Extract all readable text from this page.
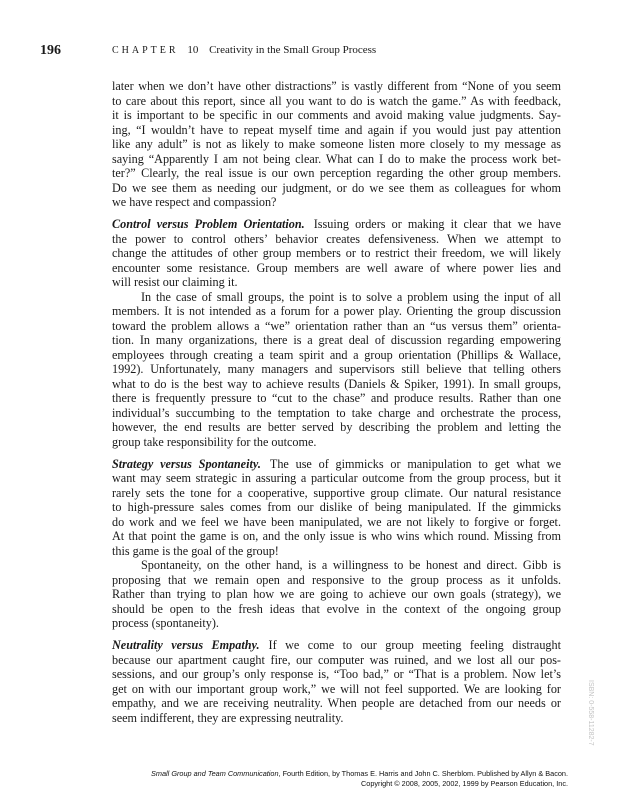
196	CHAPTER 10 Creativity in the Small Group Process
later when we don’t have other distractions” is vastly different from “None of you seem
to care about this report, since all you want to do is watch the game.” As with feedback,
it is important to be specific in our comments and avoid making value judgments. Say-
ing, “I wouldn’t have to repeat myself time and again if you would just pay attention
like any adult” is not as likely to make someone listen more closely to my message as
saying “Apparently I am not being clear. What can I do to make the process work bet-
ter?” Clearly, the real issue is our own perception regarding the other group members.
Do we see them as needing our judgment, or do we see them as colleagues for whom
we have respect and compassion?
Control versus Problem Orientation. Issuing orders or making it clear that we have
the power to control others’ behavior creates defensiveness. When we attempt to
change the attitudes of other group members or to restrict their freedom, we will likely
encounter some resistance. Group members are well aware of where power lies and
will resist our claiming it.
In the case of small groups, the point is to solve a problem using the input of all
members. It is not intended as a forum for a power play. Orienting the group discussion
toward the problem allows a “we” orientation rather than an “us versus them” orienta-
tion. In many organizations, there is a great deal of discussion regarding empowering
employees through creating a team spirit and a group orientation (Phillips & Wallace,
1992). Unfortunately, many managers and supervisors still believe that telling others
what to do is the best way to achieve results (Daniels & Spiker, 1991). In small groups,
there is frequently pressure to “cut to the chase” and produce results. Rather than one
individual’s succumbing to the temptation to take charge and orchestrate the process,
however, the end results are better served by describing the problem and letting the
group take responsibility for the outcome.
Strategy versus Spontaneity. The use of gimmicks or manipulation to get what we
want may seem strategic in assuring a particular outcome from the group process, but it
rarely sets the tone for a cooperative, supportive group climate. Our natural resistance
to high-pressure sales comes from our dislike of being manipulated. If the gimmicks
do work and we feel we have been manipulated, we are not likely to forgive or forget.
At that point the game is on, and the only issue is who wins which round. Missing from
this game is the goal of the group!
Spontaneity, on the other hand, is a willingness to be honest and direct. Gibb is
proposing that we remain open and responsive to the group process as it unfolds.
Rather than trying to plan how we are going to achieve our own goals (strategy), we
should be open to the fresh ideas that evolve in the context of the ongoing group
process (spontaneity).
Neutrality versus Empathy. If we come to our group meeting feeling distraught
because our apartment caught fire, our computer was ruined, and we lost all our pos-
sessions, and our group’s only response is, “Too bad,” or “That is a problem. Now let’s
get on with our important group work,” we will not feel supported. We are looking for
empathy, and we are receiving neutrality. When people are detached from our needs or
seem indifferent, they are expressing neutrality.
Small Group and Team Communication, Fourth Edition, by Thomas E. Harris and John C. Sherblom. Published by Allyn & Bacon.
Copyright © 2008, 2005, 2002, 1999 by Pearson Education, Inc.
ISBN: 0-558-11282-7
